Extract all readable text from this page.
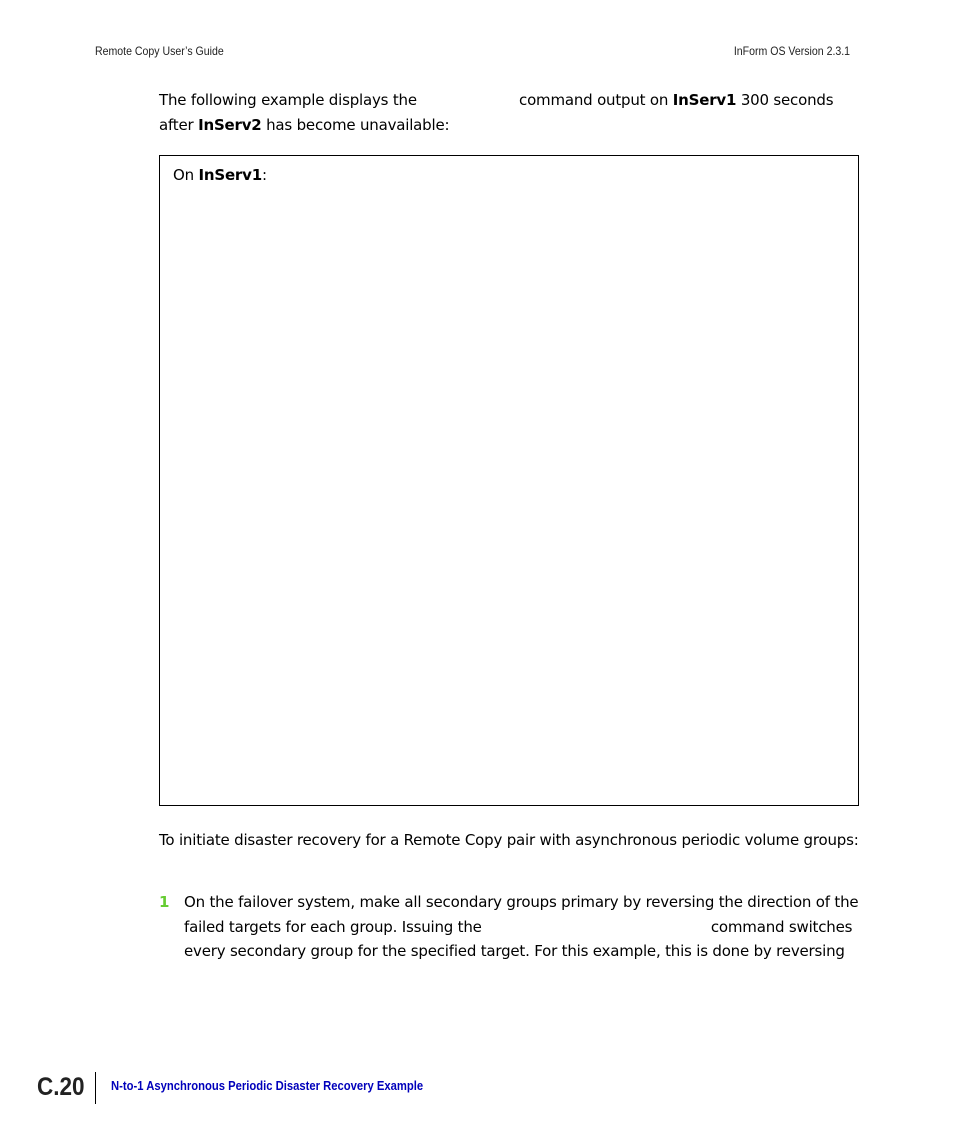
Remote Copy User’s Guide	InForm OS Version 2.3.1
The following example displays the	command output on InServ1 300 seconds
after InServ2 has become unavailable:
On InServ1:
To initiate disaster recovery for a Remote Copy pair with asynchronous periodic volume groups:
1 On the failover system, make all secondary groups primary by reversing the direction of the failed targets for each group. Issuing the	command switches every secondary group for the specified target. For this example, this is done by reversing
C.20 N-to-1 Asynchronous Periodic Disaster Recovery Example
